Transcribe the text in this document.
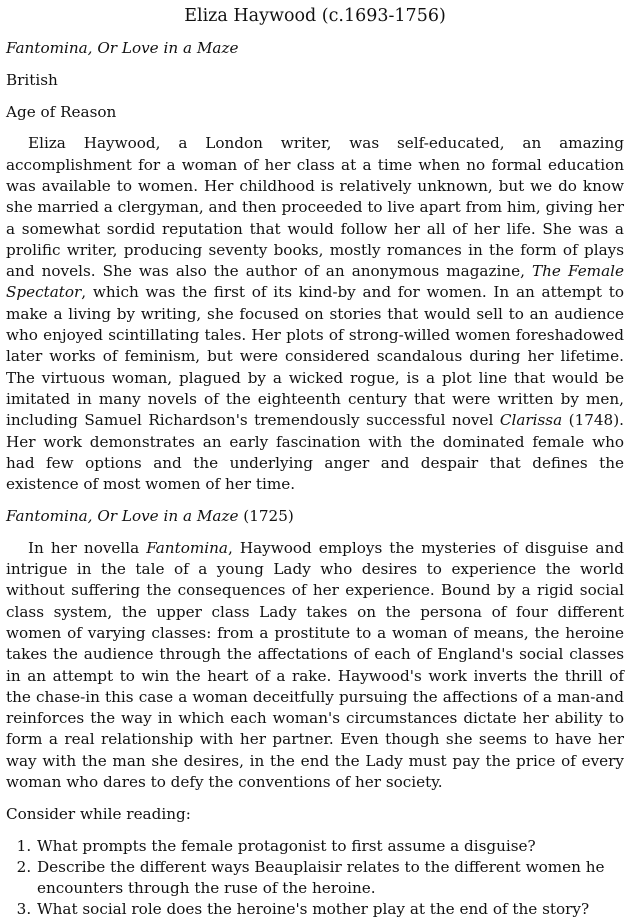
Eliza Haywood (c.1693-1756)

Fantomina, Or Love in a Maze

British

Age of Reason

Eliza Haywood, a London writer, was self-educated, an amazing accomplishment for a woman of her class at a time when no formal education was available to women. Her childhood is relatively unknown, but we do know she married a clergyman, and then proceeded to live apart from him, giving her a somewhat sordid reputation that would follow her all of her life. She was a prolific writer, producing seventy books, mostly romances in the form of plays and novels. She was also the author of an anonymous magazine, The Female Spectator, which was the first of its kind-by and for women. In an attempt to make a living by writing, she focused on stories that would sell to an audience who enjoyed scintillating tales. Her plots of strong-willed women foreshadowed later works of feminism, but were considered scandalous during her lifetime. The virtuous woman, plagued by a wicked rogue, is a plot line that would be imitated in many novels of the eighteenth century that were written by men, including Samuel Richardson's tremendously successful novel Clarissa (1748). Her work demonstrates an early fascination with the dominated female who had few options and the underlying anger and despair that defines the existence of most women of her time.

Fantomina, Or Love in a Maze (1725)

In her novella Fantomina, Haywood employs the mysteries of disguise and intrigue in the tale of a young Lady who desires to experience the world without suffering the consequences of her experience. Bound by a rigid social class system, the upper class Lady takes on the persona of four different women of varying classes: from a prostitute to a woman of means, the heroine takes the audience through the affectations of each of England's social classes in an attempt to win the heart of a rake. Haywood's work inverts the thrill of the chase-in this case a woman deceitfully pursuing the affections of a man-and reinforces the way in which each woman's circumstances dictate her ability to form a real relationship with her partner. Even though she seems to have her way with the man she desires, in the end the Lady must pay the price of every woman who dares to defy the conventions of her society.

Consider while reading:

1. What prompts the female protagonist to first assume a disguise?
2. Describe the different ways Beauplaisir relates to the different women he encounters through the ruse of the heroine.
3. What social role does the heroine's mother play at the end of the story?
